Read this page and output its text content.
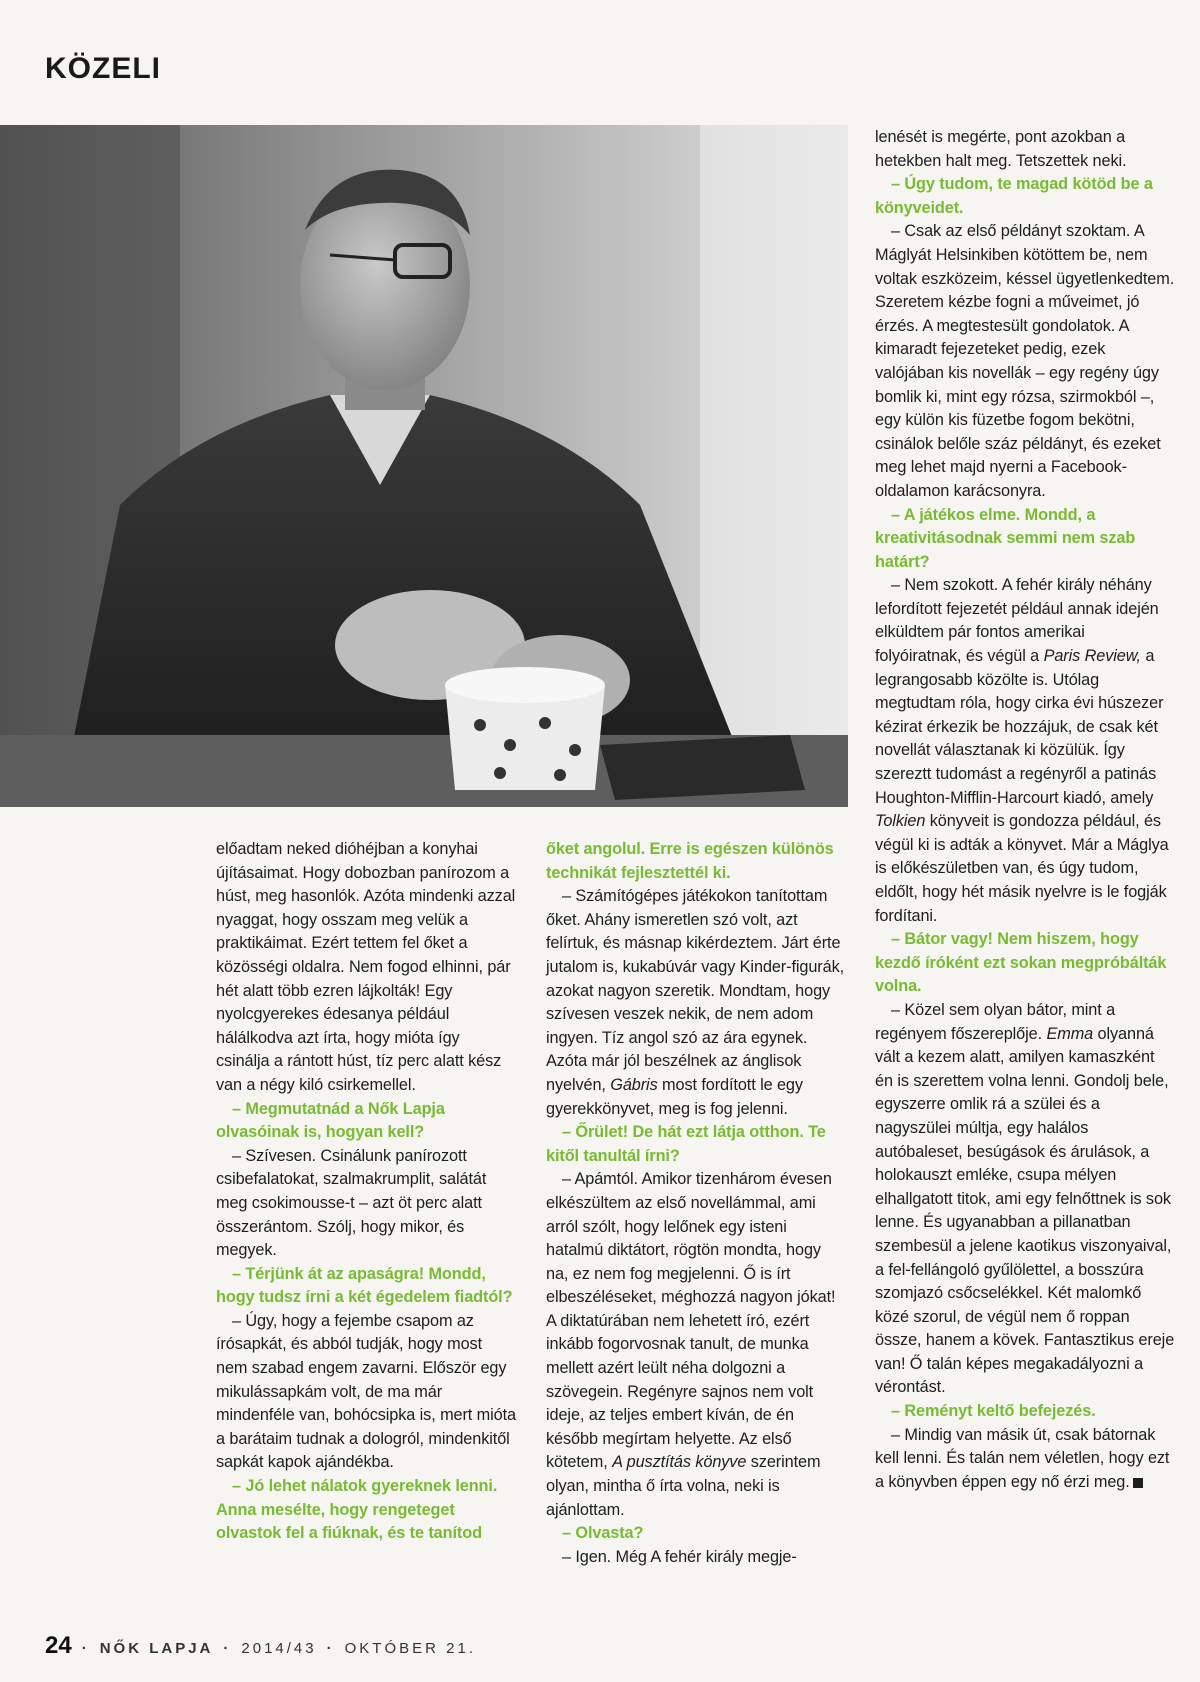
KÖZELI

előadtam neked dióhéjban a konyhai újításaimat. Hogy dobozban panírozom a húst, meg hasonlók. Azóta mindenki azzal nyaggat, hogy osszam meg velük a praktikáimat. Ezért tettem fel őket a közösségi oldalra. Nem fogod elhinni, pár hét alatt több ezren lájkolták! Egy nyolcgyerekes édesanya például hálálkodva azt írta, hogy mióta így csinálja a rántott húst, tíz perc alatt kész van a négy kiló csirkemellel.

– Megmutatnád a Nők Lapja olvasóinak is, hogyan kell?

– Szívesen. Csinálunk panírozott csibefalatokat, szalmakrumplit, salátát meg csokimousse-t – azt öt perc alatt összerántom. Szólj, hogy mikor, és megyek.

– Térjünk át az apaságra! Mondd, hogy tudsz írni a két égedelem fiadtól?

– Úgy, hogy a fejembe csapom az írósapkát, és abból tudják, hogy most nem szabad engem zavarni. Először egy mikulássapkám volt, de ma már mindenféle van, bohócsipka is, mert mióta a barátaim tudnak a dologról, mindenkitől sapkát kapok ajándékba.

– Jó lehet nálatok gyereknek lenni. Anna mesélte, hogy rengeteget olvastok fel a fiúknak, és te tanítod

őket angolul. Erre is egészen különös technikát fejlesztettél ki.

– Számítógépes játékokon tanítottam őket. Ahány ismeretlen szó volt, azt felírtuk, és másnap kikérdeztem. Járt érte jutalom is, kukabúvár vagy Kinder-figurák, azokat nagyon szeretik. Mondtam, hogy szívesen veszek nekik, de nem adom ingyen. Tíz angol szó az ára egynek. Azóta már jól beszélnek az ánglisok nyelvén, Gábris most fordított le egy gyerekkönyvet, meg is fog jelenni.

– Őrület! De hát ezt látja otthon. Te kitől tanultál írni?

– Apámtól. Amikor tizenhárom évesen elkészültem az első novellámmal, ami arról szólt, hogy lelőnek egy isteni hatalmú diktátort, rögtön mondta, hogy na, ez nem fog megjelenni. Ő is írt elbeszéléseket, méghozzá nagyon jókat! A diktatúrában nem lehetett író, ezért inkább fogorvosnak tanult, de munka mellett azért leült néha dolgozni a szövegein. Regényre sajnos nem volt ideje, az teljes embert kíván, de én később megírtam helyette. Az első kötetem, A pusztítás könyve szerintem olyan, mintha ő írta volna, neki is ajánlottam.

– Olvasta?

– Igen. Még A fehér király megje-

lenését is megérte, pont azokban a hetekben halt meg. Tetszettek neki.

– Úgy tudom, te magad kötöd be a könyveidet.

– Csak az első példányt szoktam. A Máglyát Helsinkiben kötöttem be, nem voltak eszközeim, késsel ügyetlenkedtem. Szeretem kézbe fogni a műveimet, jó érzés. A megtestesült gondolatok. A kimaradt fejezeteket pedig, ezek valójában kis novellák – egy regény úgy bomlik ki, mint egy rózsa, szirmokból –, egy külön kis füzetbe fogom bekötni, csinálok belőle száz példányt, és ezeket meg lehet majd nyerni a Facebook-oldalamon karácsonyra.

– A játékos elme. Mondd, a kreativitásodnak semmi nem szab határt?

– Nem szokott. A fehér király néhány lefordított fejezetét például annak idején elküldtem pár fontos amerikai folyóiratnak, és végül a Paris Review, a legrangosabb közölte is. Utólag megtudtam róla, hogy cirka évi húszezer kézirat érkezik be hozzájuk, de csak két novellát választanak ki közülük. Így szereztt tudomást a regényről a patinás Houghton-Mifflin-Harcourt kiadó, amely Tolkien könyveit is gondozza például, és végül ki is adták a könyvet. Már a Máglya is előkészületben van, és úgy tudom, eldőlt, hogy hét másik nyelvre is le fogják fordítani.

– Bátor vagy! Nem hiszem, hogy kezdő íróként ezt sokan megpróbálták volna.

– Közel sem olyan bátor, mint a regényem főszereplője. Emma olyanná vált a kezem alatt, amilyen kamaszként én is szerettem volna lenni. Gondolj bele, egyszerre omlik rá a szülei és a nagyszülei múltja, egy halálos autóbaleset, besúgások és árulások, a holokauszt emléke, csupa mélyen elhallgatott titok, ami egy felnőttnek is sok lenne. És ugyanabban a pillanatban szembesül a jelene kaotikus viszonyaival, a fel-fellángoló gyűlölettel, a bosszúra szomjazó csőcselékkel. Két malomkő közé szorul, de végül nem ő roppan össze, hanem a kövek. Fantasztikus ereje van! Ő talán képes megakadályozni a vérontást.

– Reményt keltő befejezés.

– Mindig van másik út, csak bátornak kell lenni. És talán nem véletlen, hogy ezt a könyvben éppen egy nő érzi meg.

24 · NŐK LAPJA · 2014/43 · OKTÓBER 21.
